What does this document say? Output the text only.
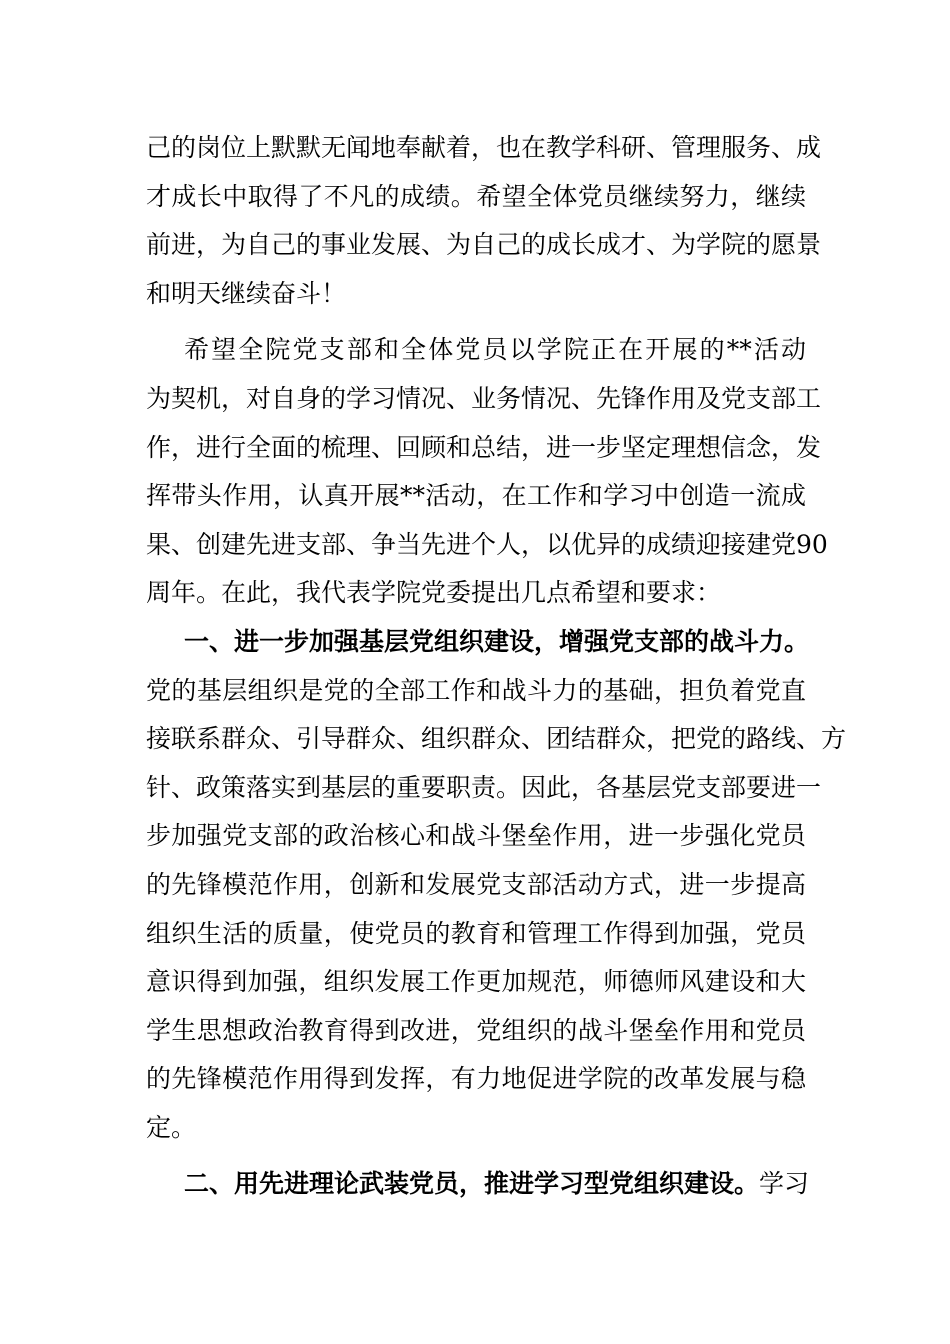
己的岗位上默默无闻地奉献着，也在教学科研、管理服务、成
才成长中取得了不凡的成绩。希望全体党员继续努力，继续
前进，为自己的事业发展、为自己的成长成才、为学院的愿景
和明天继续奋斗！
希望全院党支部和全体党员以学院正在开展的**活动
为契机，对自身的学习情况、业务情况、先锋作用及党支部工
作，进行全面的梳理、回顾和总结，进一步坚定理想信念，发
挥带头作用，认真开展**活动，在工作和学习中创造一流成
果、创建先进支部、争当先进个人，以优异的成绩迎接建党90
周年。在此，我代表学院党委提出几点希望和要求：
一、进一步加强基层党组织建设，增强党支部的战斗力。
党的基层组织是党的全部工作和战斗力的基础，担负着党直
接联系群众、引导群众、组织群众、团结群众，把党的路线、方
针、政策落实到基层的重要职责。因此，各基层党支部要进一
步加强党支部的政治核心和战斗堡垒作用，进一步强化党员
的先锋模范作用，创新和发展党支部活动方式，进一步提高
组织生活的质量，使党员的教育和管理工作得到加强，党员
意识得到加强，组织发展工作更加规范，师德师风建设和大
学生思想政治教育得到改进，党组织的战斗堡垒作用和党员
的先锋模范作用得到发挥，有力地促进学院的改革发展与稳
定。
二、用先进理论武装党员，推进学习型党组织建设。学习
